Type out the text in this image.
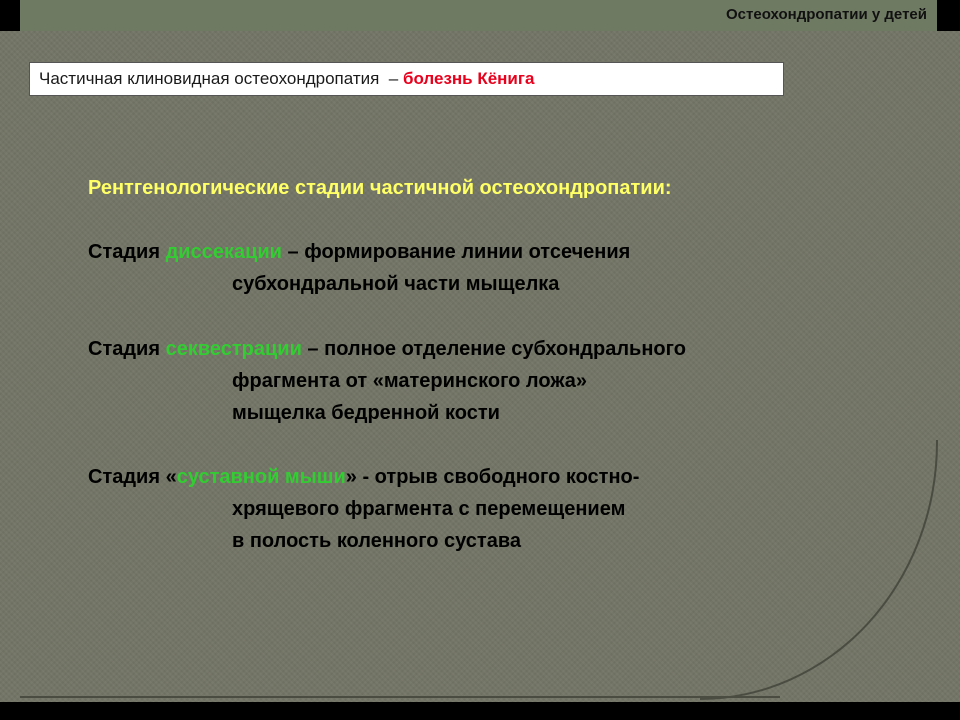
Остеохондропатии у детей
Частичная клиновидная остеохондропатия  – болезнь Кёнига
Рентгенологические стадии частичной остеохондропатии:
Стадия диссекации – формирование линии отсечения
субхондральной части мыщелка
Стадия секвестрации – полное отделение субхондрального
фрагмента от «материнского ложа»
мыщелка бедренной кости
Стадия «суставной мыши» - отрыв свободного костно-
хрящевого фрагмента с перемещением
в полость коленного сустава
